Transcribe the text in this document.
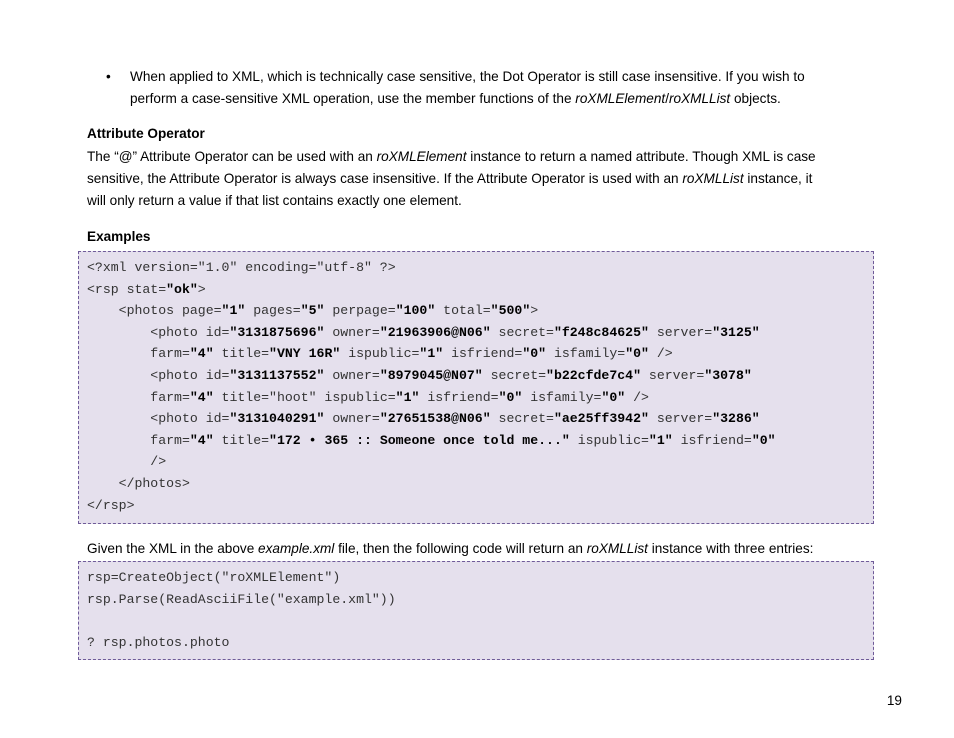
• When applied to XML, which is technically case sensitive, the Dot Operator is still case insensitive. If you wish to
perform a case-sensitive XML operation, use the member functions of the roXMLElement/roXMLList objects.
Attribute Operator
The “@” Attribute Operator can be used with an roXMLElement instance to return a named attribute. Though XML is case
sensitive, the Attribute Operator is always case insensitive. If the Attribute Operator is used with an roXMLList instance, it
will only return a value if that list contains exactly one element.
Examples
<?xml version="1.0" encoding="utf-8" ?>
<rsp stat="ok">
<photos page="1" pages="5" perpage="100" total="500">
<photo id="3131875696" owner="21963906@N06" secret="f248c84625" server="3125"
farm="4" title="VNY 16R" ispublic="1" isfriend="0" isfamily="0" />
<photo id="3131137552" owner="8979045@N07" secret="b22cfde7c4" server="3078"
farm="4" title="hoot" ispublic="1" isfriend="0" isfamily="0" />
<photo id="3131040291" owner="27651538@N06" secret="ae25ff3942" server="3286"
farm="4" title="172 • 365 :: Someone once told me..." ispublic="1" isfriend="0"
/>
</photos>
</rsp>
Given the XML in the above example.xml file, then the following code will return an roXMLList instance with three entries:
rsp=CreateObject("roXMLElement")
rsp.Parse(ReadAsciiFile("example.xml"))
? rsp.photos.photo
19
